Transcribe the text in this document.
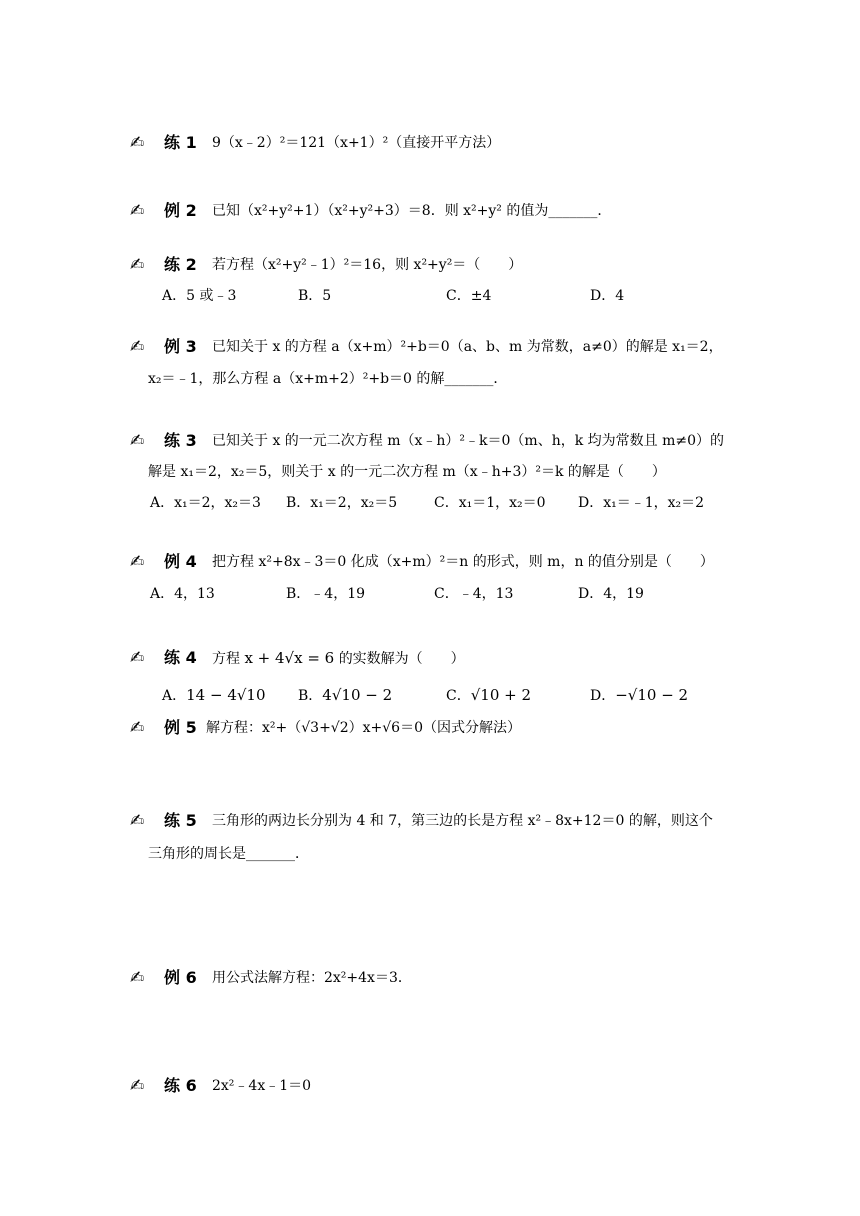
✍ 练 1 9（x﹣2）²＝121（x+1）²（直接开平方法）
✍ 例 2 已知（x²+y²+1）（x²+y²+3）＝8．则 x²+y² 的值为_______．
✍ 练 2 若方程（x²+y²﹣1）²＝16，则 x²+y²＝（　　）
A．5 或﹣3	B．5	C．±4	D．4
✍ 例 3 已知关于 x 的方程 a（x+m）²+b＝0（a、b、m 为常数，a≠0）的解是 x₁＝2，
x₂＝﹣1，那么方程 a（x+m+2）²+b＝0 的解_______．
✍ 练 3 已知关于 x 的一元二次方程 m（x﹣h）²﹣k＝0（m、h，k 均为常数且 m≠0）的
解是 x₁＝2，x₂＝5，则关于 x 的一元二次方程 m（x﹣h+3）²＝k 的解是（　　）
A．x₁＝2，x₂＝3 B．x₁＝2，x₂＝5	C．x₁＝1，x₂＝0 D．x₁＝﹣1，x₂＝2
✍ 例 4 把方程 x²+8x﹣3＝0 化成（x+m）²＝n 的形式，则 m，n 的值分别是（　　）
A．4，13	B．﹣4，19	C．﹣4，13	D．4，19
✍ 练 4 方程 x + 4√x = 6 的实数解为（　　）
A．14 − 4√10 B．4√10 − 2	C．√10 + 2	D．−√10 − 2
✍ 例 5 解方程：x²+（√3+√2）x+√6＝0（因式分解法）
✍ 练 5 三角形的两边长分别为 4 和 7，第三边的长是方程 x²﹣8x+12＝0 的解，则这个
三角形的周长是_______．
✍ 例 6 用公式法解方程：2x²+4x＝3．
✍ 练 6 2x²﹣4x﹣1＝0
